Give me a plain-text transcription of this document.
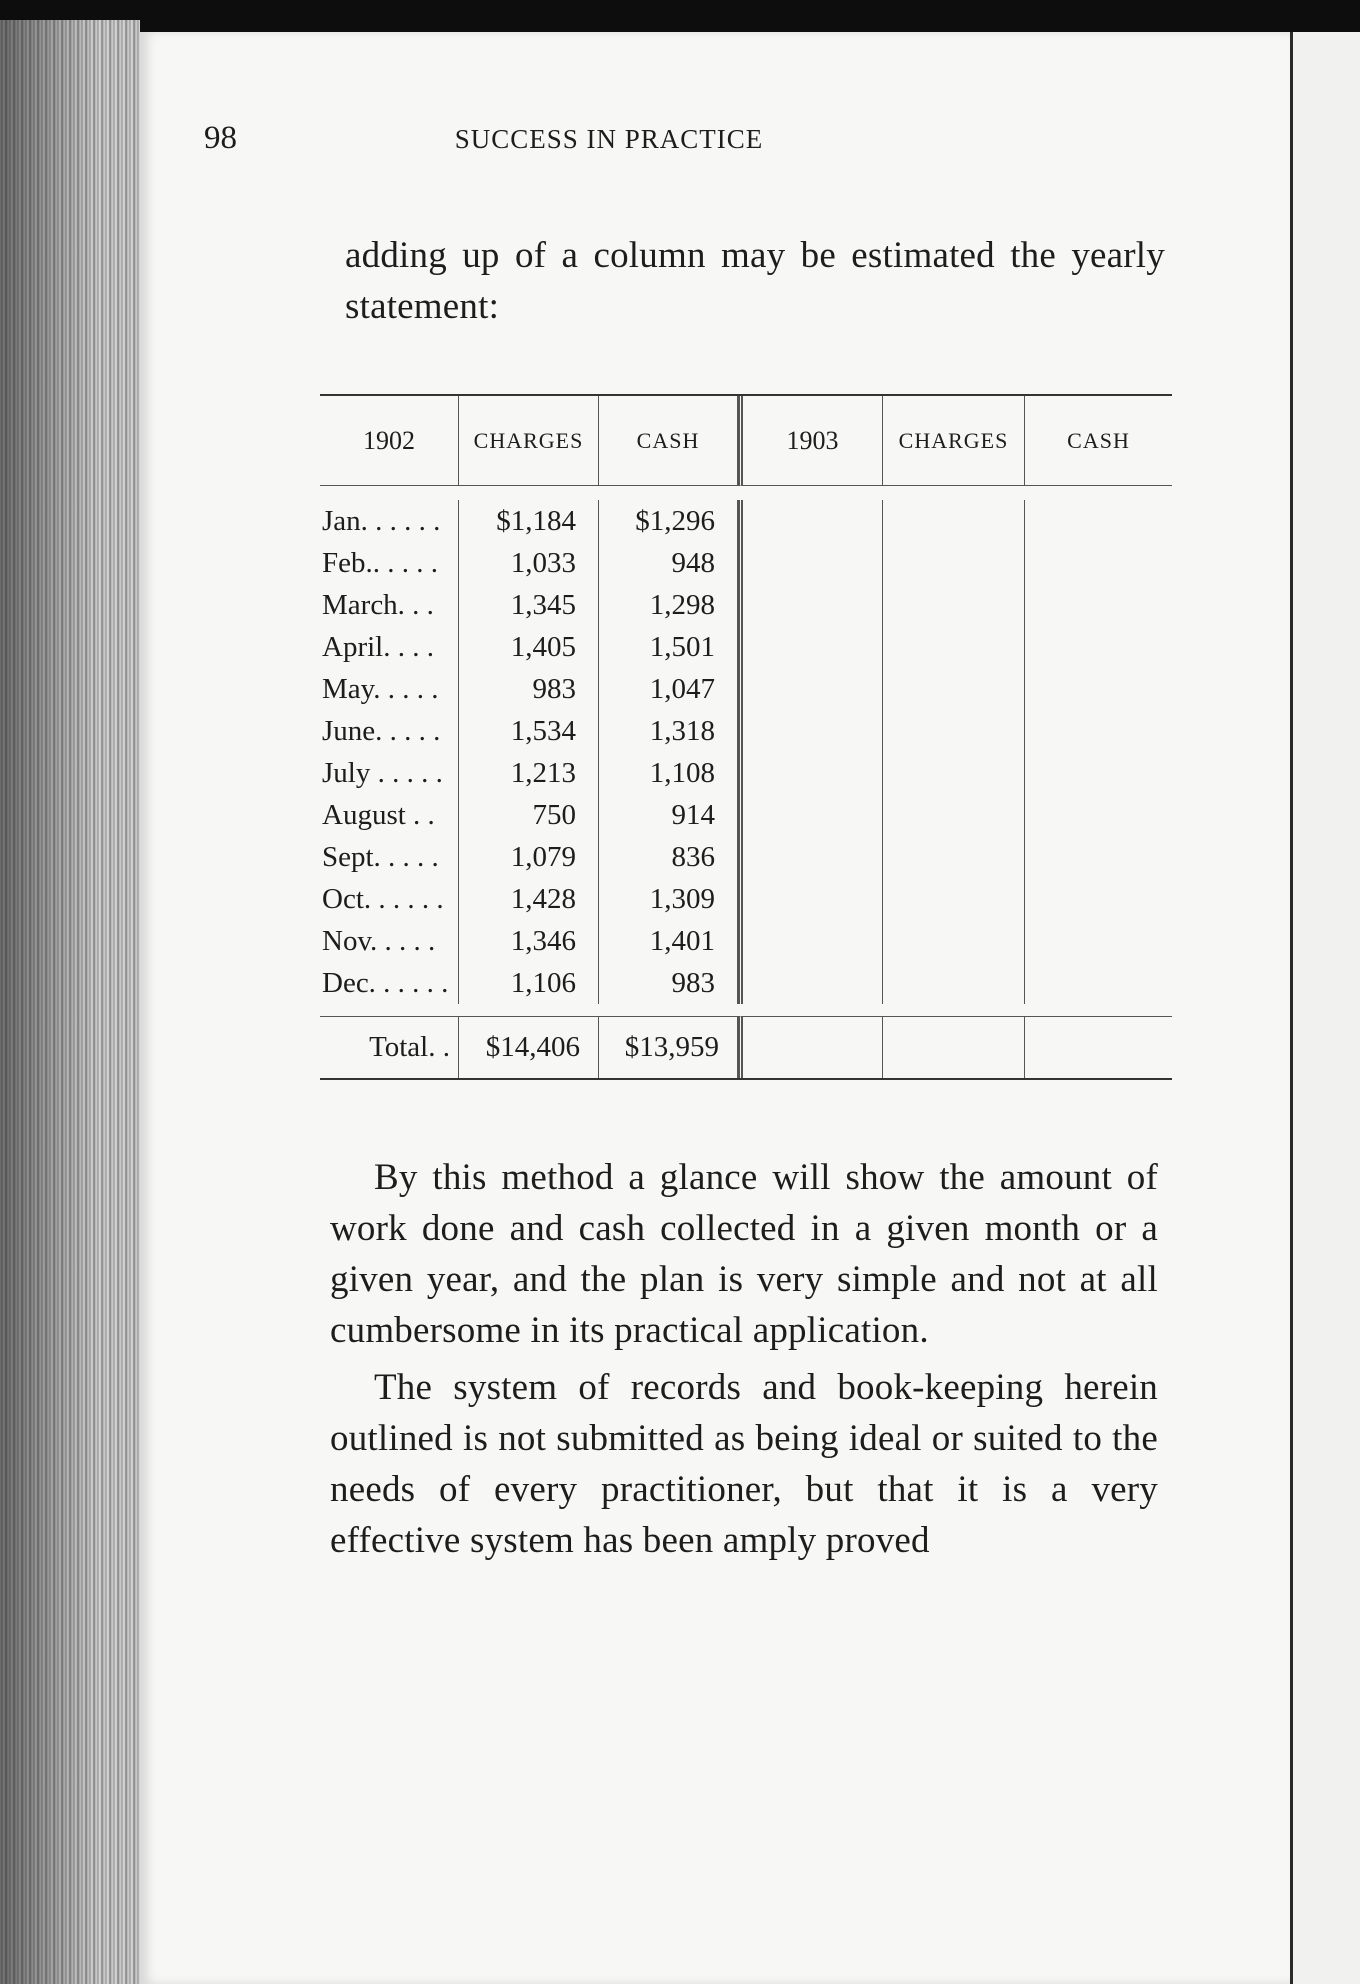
98	SUCCESS IN PRACTICE

adding up of a column may be estimated the yearly statement:

1902	CHARGES	CASH	1903	CHARGES	CASH
Jan. . . . . .	$1,184	$1,296
Feb.. . . . .	1,033	948
March. . .	1,345	1,298
April. . . .	1,405	1,501
May. . . . .	983	1,047
June. . . . .	1,534	1,318
July . . . . .	1,213	1,108
August . .	750	914
Sept. . . . .	1,079	836
Oct. . . . . .	1,428	1,309
Nov. . . . .	1,346	1,401
Dec. . . . . .	1,106	983
Total. .	$14,406	$13,959

By this method a glance will show the amount of work done and cash collected in a given month or a given year, and the plan is very simple and not at all cumbersome in its practical application.

The system of records and book-keeping herein outlined is not submitted as being ideal or suited to the needs of every practitioner, but that it is a very effective system has been amply proved
